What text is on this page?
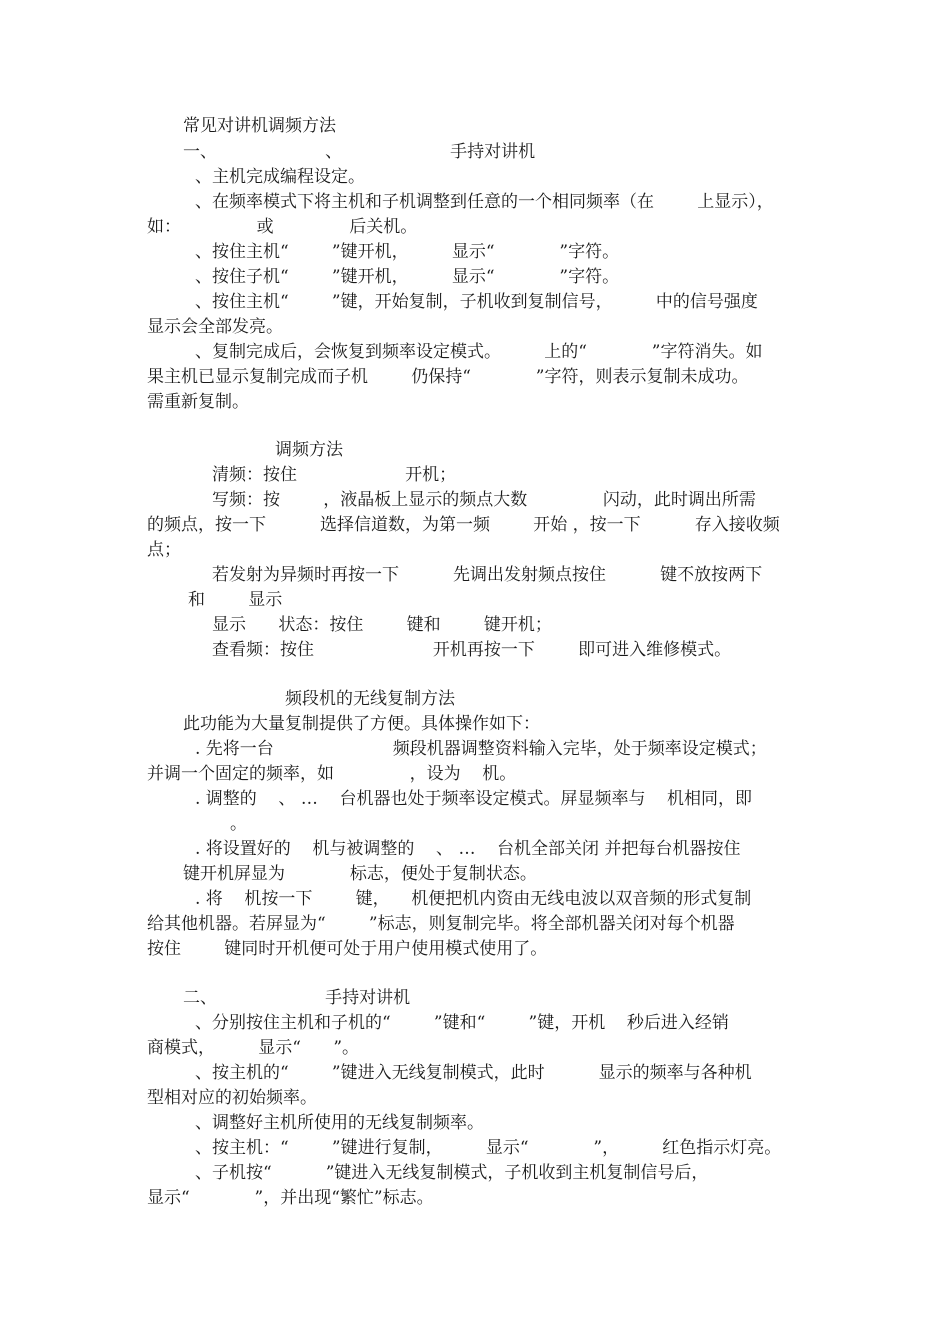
常见对讲机调频方法
一、                    、                    手持对讲机
、主机完成编程设定。
、在频率模式下将主机和子机调整到任意的一个相同频率（在        上显示），
如：              或              后关机。
、按住主机“        ”键开机，        显示“            ”字符。
、按住子机“        ”键开机，        显示“            ”字符。
、按住主机“        ”键，开始复制，子机收到复制信号，        中的信号强度
显示会全部发亮。
、复制完成后，会恢复到频率设定模式。        上的“            ”字符消失。如
果主机已显示复制完成而子机        仍保持“            ”字符，则表示复制未成功。
需重新复制。
调频方法
清频：按住                    开机；
写频：按        ，液晶板上显示的频点大数              闪动，此时调出所需
的频点，按一下          选择信道数，为第一频        开始 ，按一下          存入接收频
点；
若发射为异频时再按一下          先调出发射频点按住          键不放按两下
和        显示
显示      状态：按住        键和        键开机；
查看频：按住                      开机再按一下        即可进入维修模式。
频段机的无线复制方法
此功能为大量复制提供了方便。具体操作如下：
. 先将一台                      频段机器调整资料输入完毕，处于频率设定模式；
并调一个固定的频率，如              ，设为    机。
. 调整的    、 …    台机器也处于频率设定模式。屏显频率与    机相同，即
。
. 将设置好的    机与被调整的    、 …    台机全部关闭 并把每台机器按住
键开机屏显为            标志，便处于复制状态。
. 将    机按一下        键，    机便把机内资由无线电波以双音频的形式复制
给其他机器。若屏显为“        ”标志，则复制完毕。将全部机器关闭对每个机器
按住        键同时开机便可处于用户使用模式使用了。
二、                    手持对讲机
、分别按住主机和子机的“        ”键和“        ”键，开机    秒后进入经销
商模式，        显示“      ”。
、按主机的“        ”键进入无线复制模式，此时          显示的频率与各种机
型相对应的初始频率。
、调整好主机所使用的无线复制频率。
、按主机：“        ”键进行复制，        显示“            ”，        红色指示灯亮。
、子机按“          ”键进入无线复制模式，子机收到主机复制信号后，
显示“            ”，并出现“繁忙”标志。
